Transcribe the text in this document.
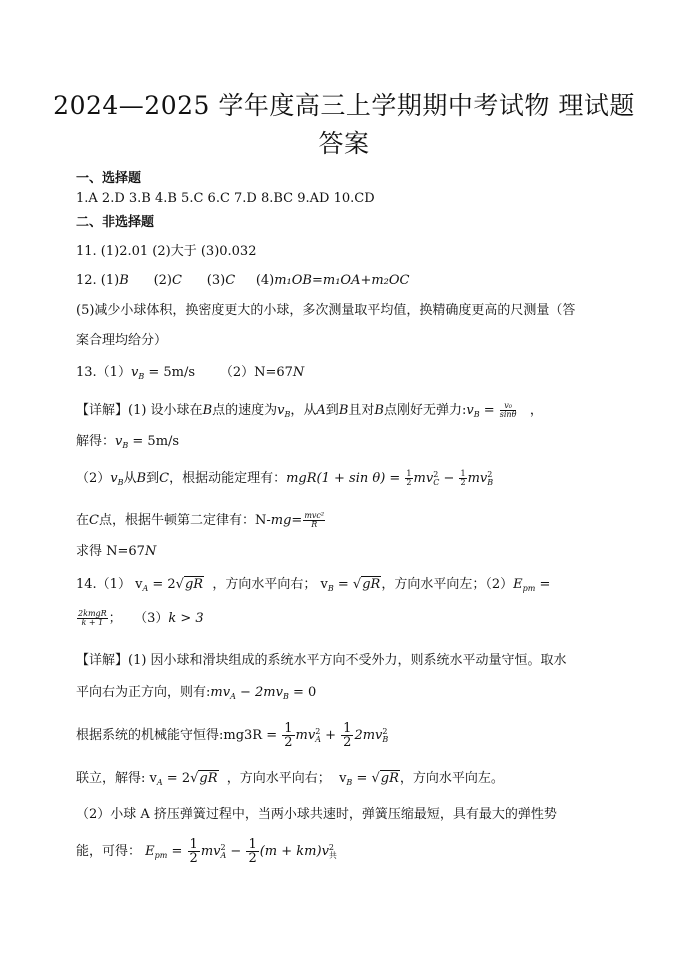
2024—2025 学年度高三上学期期中考试物 理试题
答案
一、选择题
1.A 2.D 3.B 4.B 5.C 6.C 7.D 8.BC 9.AD 10.CD
二、非选择题
11. (1)2.01 (2)大于 (3)0.032
12. (1)B (2)C (3)C (4)m₁OB=m₁OA+m₂OC
(5)减少小球体积，换密度更大的小球，多次测量取平均值，换精确度更高的尺测量（答
案合理均给分）
$13.(1)v_B = 5m/s$ （2）N=67N
【详解】(1) 设小球在B点的速度为$v_B$，从A到B且对B点刚好无弹力$:v_B = \frac{\text{v₀}}{\sin\theta}$ ，
解得：$v_B = 5m/s$
$(2)v_B$从B到C，根据动能定理有：$mgR(1 + \sin \theta) = \frac{1}{2}$ mv 2
$C - \frac{1}{2}$ mv 2
B
在C点，根据牛顿第二定律有：$N-mg= \frac{\text{mvc²}}{R}$
求得 N=67N
14.（1） $v_A = 2√gR$ ，方向水平向右； $v_B = √gR$，方向水平向左；$(2)E_{pm}$ =
$\frac{\text{2kmgR}}{k + 1}$ ； （3）k > 3
【详解】(1) 因小球和滑块组成的系统水平方向不受外力，则系统水平动量守恒。取水
平向右为正方向，则有$:mv_A - 2mv_B = 0$
根据系统的机械能守恒得:mg3R = $\frac{1}{2}$ mv 2
$A + \frac{1}{2} 2mv$ 2
B
联立，解得: $v_A = 2√gR$ ，方向水平向右； $v_B = √gR$，方向水平向左。
（2）小球 A 挤压弹簧过程中，当两小球共速时，弹簧压缩最短，具有最大的弹性势
能，可得： $E_{pm} = \frac{1}{2}$ mv 2
$A - \frac{1}{2} (m + km)v$ 2
共
